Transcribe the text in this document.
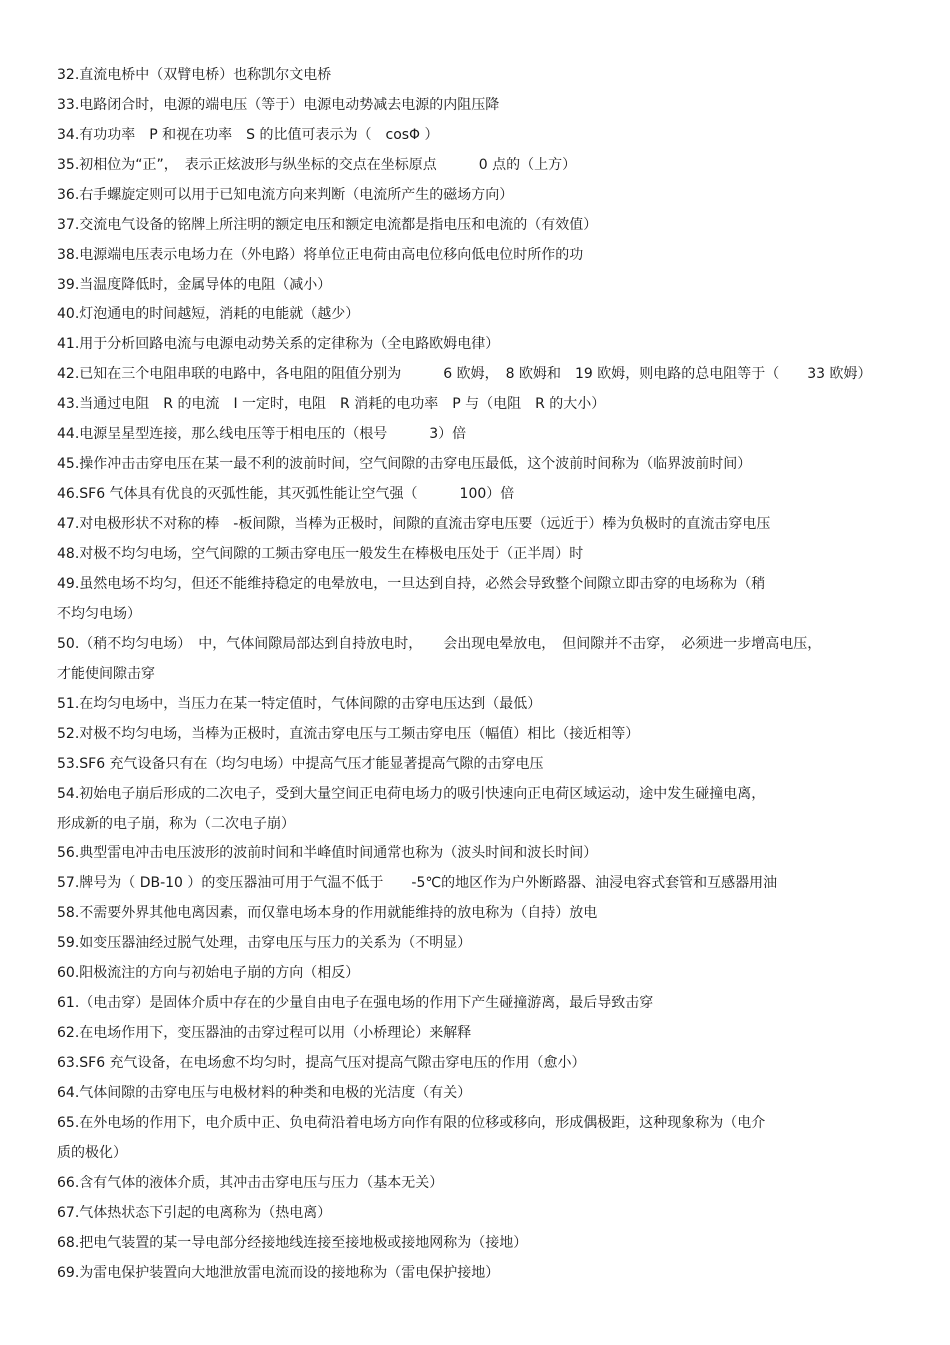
32.直流电桥中（双臂电桥）也称凯尔文电桥
33.电路闭合时，电源的端电压（等于）电源电动势减去电源的内阻压降
34.有功功率　P 和视在功率　S 的比值可表示为（　cosΦ ）
35.初相位为“正”，　表示正炫波形与纵坐标的交点在坐标原点　　　0 点的（上方）
36.右手螺旋定则可以用于已知电流方向来判断（电流所产生的磁场方向）
37.交流电气设备的铭牌上所注明的额定电压和额定电流都是指电压和电流的（有效值）
38.电源端电压表示电场力在（外电路）将单位正电荷由高电位移向低电位时所作的功
39.当温度降低时，金属导体的电阻（减小）
40.灯泡通电的时间越短，消耗的电能就（越少）
41.用于分析回路电流与电源电动势关系的定律称为（全电路欧姆电律）
42.已知在三个电阻串联的电路中，各电阻的阻值分别为　　　6 欧姆，　8 欧姆和　19 欧姆，则电路的总电阻等于（　　33 欧姆）
43.当通过电阻　R 的电流　I 一定时，电阻　R 消耗的电功率　P 与（电阻　R 的大小）
44.电源呈星型连接，那么线电压等于相电压的（根号　　　3）倍
45.操作冲击击穿电压在某一最不利的波前时间，空气间隙的击穿电压最低，这个波前时间称为（临界波前时间）
46.SF6 气体具有优良的灭弧性能，其灭弧性能让空气强（　　　100）倍
47.对电极形状不对称的棒　-板间隙，当棒为正极时，间隙的直流击穿电压要（远近于）棒为负极时的直流击穿电压
48.对极不均匀电场，空气间隙的工频击穿电压一般发生在棒极电压处于（正半周）时
49.虽然电场不均匀，但还不能维持稳定的电晕放电，一旦达到自持，必然会导致整个间隙立即击穿的电场称为（稍
不均匀电场）
50.（稍不均匀电场）　中，气体间隙局部达到自持放电时，　　会出现电晕放电，　但间隙并不击穿，　必须进一步增高电压，
才能使间隙击穿
51.在均匀电场中，当压力在某一特定值时，气体间隙的击穿电压达到（最低）
52.对极不均匀电场，当棒为正极时，直流击穿电压与工频击穿电压（幅值）相比（接近相等）
53.SF6 充气设备只有在（均匀电场）中提高气压才能显著提高气隙的击穿电压
54.初始电子崩后形成的二次电子，受到大量空间正电荷电场力的吸引快速向正电荷区域运动，途中发生碰撞电离，
形成新的电子崩，称为（二次电子崩）
56.典型雷电冲击电压波形的波前时间和半峰值时间通常也称为（波头时间和波长时间）
57.牌号为（ DB-10 ）的变压器油可用于气温不低于　　-5℃的地区作为户外断路器、油浸电容式套管和互感器用油
58.不需要外界其他电离因素，而仅靠电场本身的作用就能维持的放电称为（自持）放电
59.如变压器油经过脱气处理，击穿电压与压力的关系为（不明显）
60.阳极流注的方向与初始电子崩的方向（相反）
61.（电击穿）是固体介质中存在的少量自由电子在强电场的作用下产生碰撞游离，最后导致击穿
62.在电场作用下，变压器油的击穿过程可以用（小桥理论）来解释
63.SF6 充气设备，在电场愈不均匀时，提高气压对提高气隙击穿电压的作用（愈小）
64.气体间隙的击穿电压与电极材料的种类和电极的光洁度（有关）
65.在外电场的作用下，电介质中正、负电荷沿着电场方向作有限的位移或移向，形成偶极距，这种现象称为（电介
质的极化）
66.含有气体的液体介质，其冲击击穿电压与压力（基本无关）
67.气体热状态下引起的电离称为（热电离）
68.把电气装置的某一导电部分经接地线连接至接地极或接地网称为（接地）
69.为雷电保护装置向大地泄放雷电流而设的接地称为（雷电保护接地）
